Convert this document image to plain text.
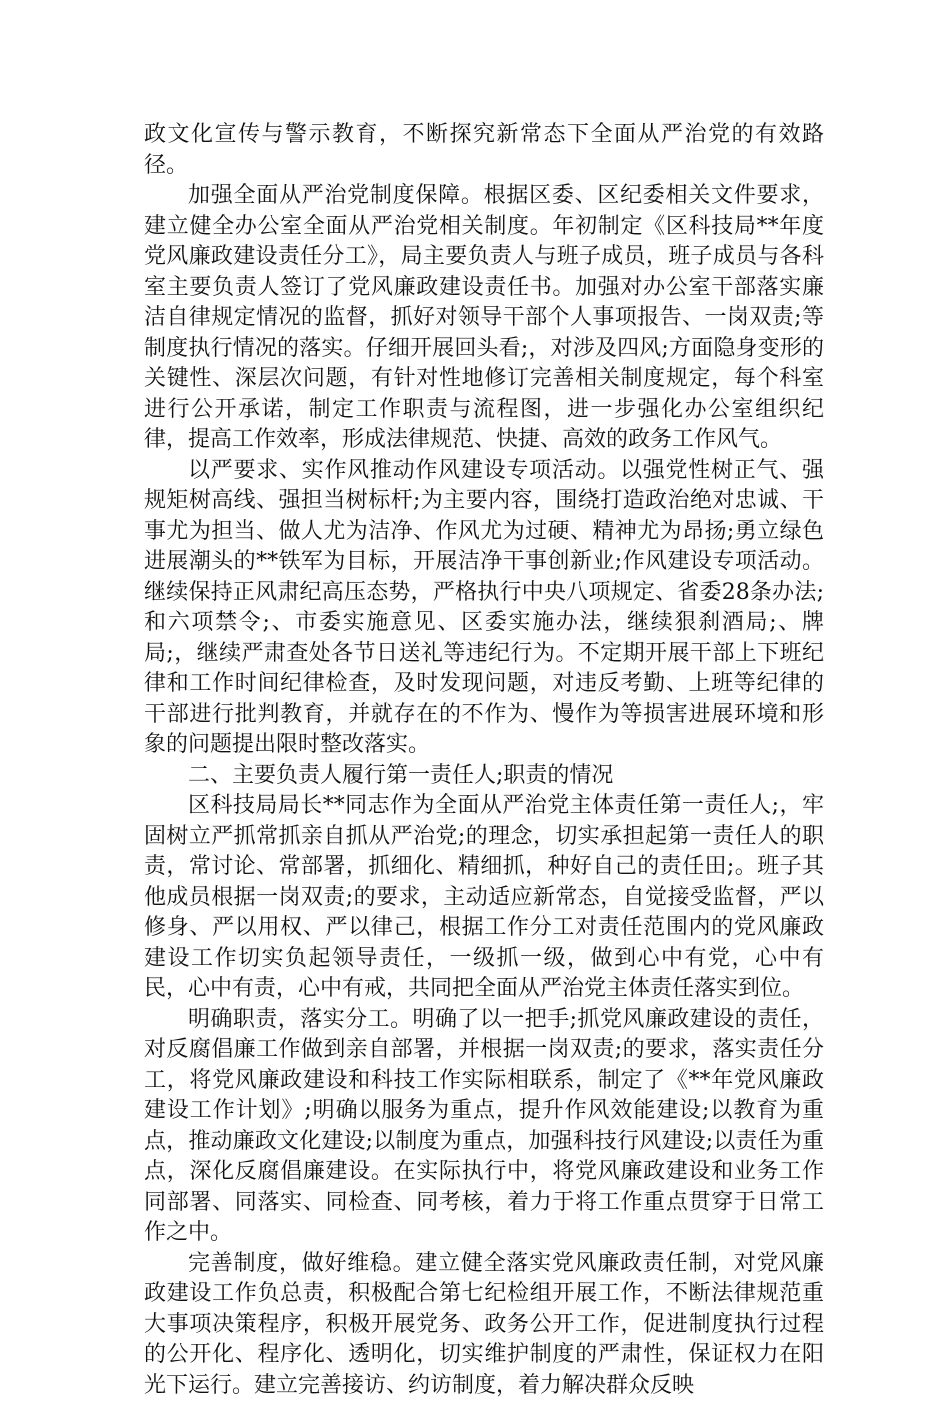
政文化宣传与警示教育，不断探究新常态下全面从严治党的有效路径。

加强全面从严治党制度保障。根据区委、区纪委相关文件要求，建立健全办公室全面从严治党相关制度。年初制定《区科技局**年度党风廉政建设责任分工》，局主要负责人与班子成员，班子成员与各科室主要负责人签订了党风廉政建设责任书。加强对办公室干部落实廉洁自律规定情况的监督，抓好对领导干部个人事项报告、一岗双责;等制度执行情况的落实。仔细开展回头看;，对涉及四风;方面隐身变形的关键性、深层次问题，有针对性地修订完善相关制度规定，每个科室进行公开承诺，制定工作职责与流程图，进一步强化办公室组织纪律，提高工作效率，形成法律规范、快捷、高效的政务工作风气。

以严要求、实作风推动作风建设专项活动。以强党性树正气、强规矩树高线、强担当树标杆;为主要内容，围绕打造政治绝对忠诚、干事尤为担当、做人尤为洁净、作风尤为过硬、精神尤为昂扬;勇立绿色进展潮头的**铁军为目标，开展洁净干事创新业;作风建设专项活动。继续保持正风肃纪高压态势，严格执行中央八项规定、省委28条办法;和六项禁令;、市委实施意见、区委实施办法，继续狠刹酒局;、牌局;，继续严肃查处各节日送礼等违纪行为。不定期开展干部上下班纪律和工作时间纪律检查，及时发现问题，对违反考勤、上班等纪律的干部进行批判教育，并就存在的不作为、慢作为等损害进展环境和形象的问题提出限时整改落实。

二、主要负责人履行第一责任人;职责的情况

区科技局局长**同志作为全面从严治党主体责任第一责任人;，牢固树立严抓常抓亲自抓从严治党;的理念，切实承担起第一责任人的职责，常讨论、常部署，抓细化、精细抓，种好自己的责任田;。班子其他成员根据一岗双责;的要求，主动适应新常态，自觉接受监督，严以修身、严以用权、严以律己，根据工作分工对责任范围内的党风廉政建设工作切实负起领导责任，一级抓一级，做到心中有党，心中有民，心中有责，心中有戒，共同把全面从严治党主体责任落实到位。

明确职责，落实分工。明确了以一把手;抓党风廉政建设的责任，对反腐倡廉工作做到亲自部署，并根据一岗双责;的要求，落实责任分工，将党风廉政建设和科技工作实际相联系，制定了《**年党风廉政建设工作计划》;明确以服务为重点，提升作风效能建设;以教育为重点，推动廉政文化建设;以制度为重点，加强科技行风建设;以责任为重点，深化反腐倡廉建设。在实际执行中，将党风廉政建设和业务工作同部署、同落实、同检查、同考核，着力于将工作重点贯穿于日常工作之中。

完善制度，做好维稳。建立健全落实党风廉政责任制，对党风廉政建设工作负总责，积极配合第七纪检组开展工作，不断法律规范重大事项决策程序，积极开展党务、政务公开工作，促进制度执行过程的公开化、程序化、透明化，切实维护制度的严肃性，保证权力在阳光下运行。建立完善接访、约访制度，着力解决群众反映
